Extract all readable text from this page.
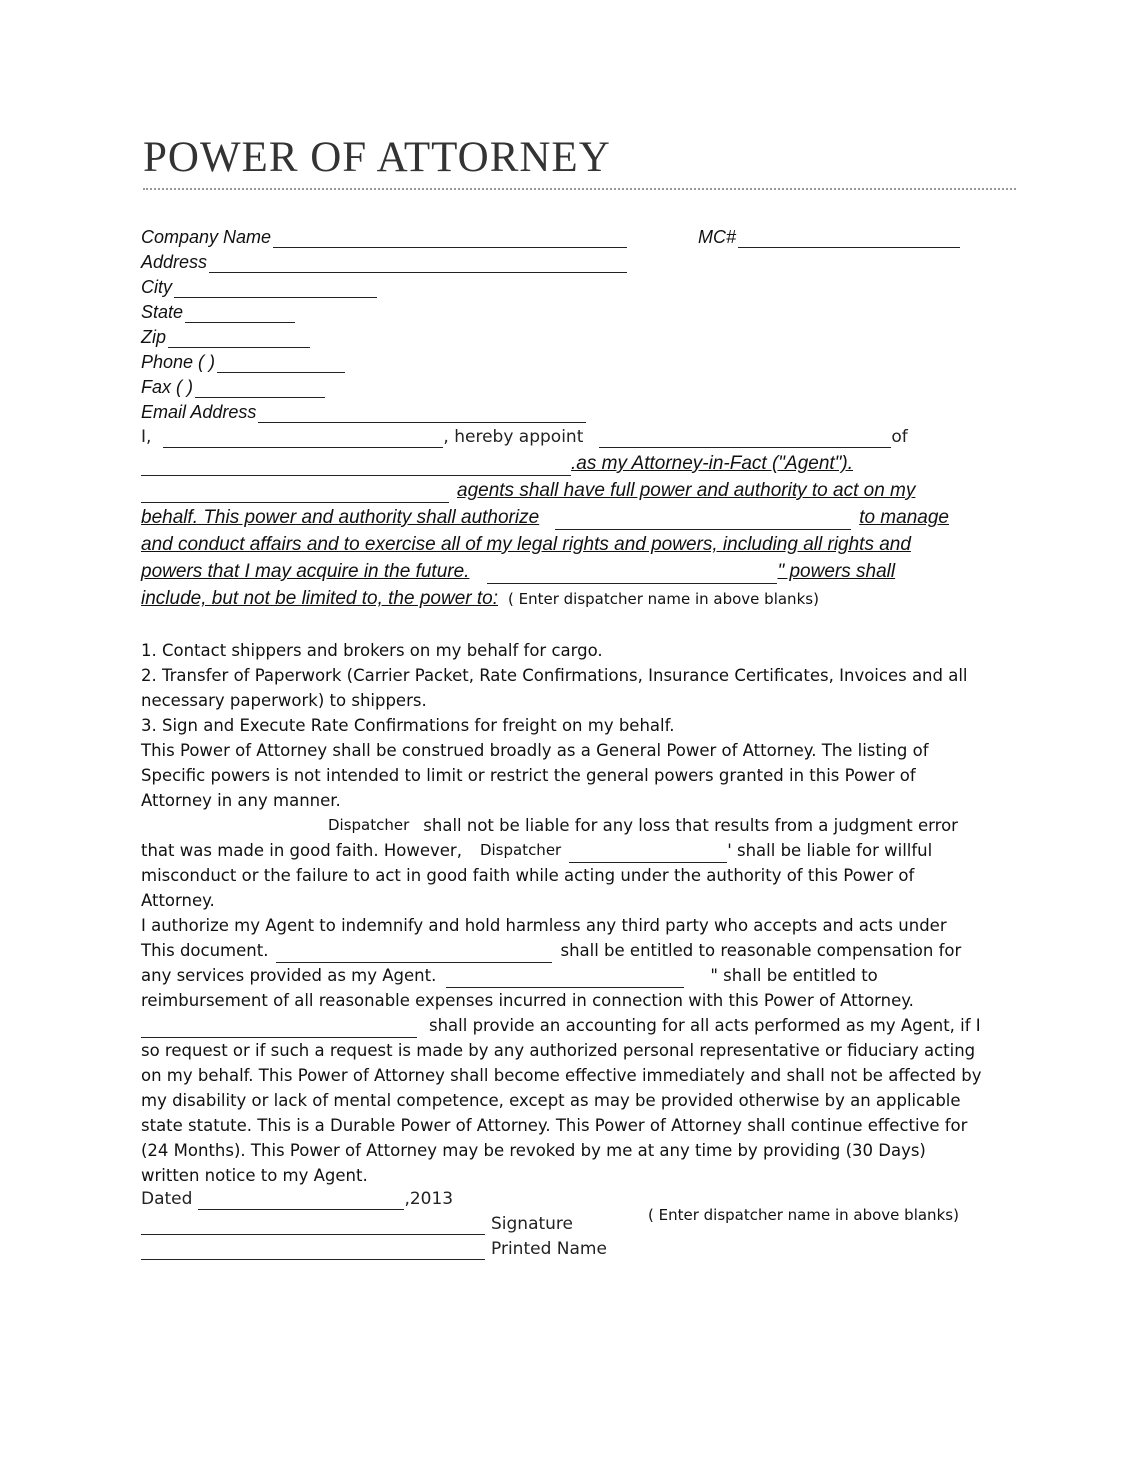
POWER OF ATTORNEY
Company Name	MC#
Address
City
State
Zip
Phone ( )
Fax ( )
Email Address
I,	, hereby appoint	of
.as my Attorney-in-Fact ("Agent").
agents shall have full power and authority to act on my
behalf. This power and authority shall authorize	to manage
and conduct affairs and to exercise all of my legal rights and powers, including all rights and
powers that I may acquire in the future.	" powers shall
include, but not be limited to, the power to: ( Enter dispatcher name in above blanks)
1. Contact shippers and brokers on my behalf for cargo.
2. Transfer of Paperwork (Carrier Packet, Rate Confirmations, Insurance Certificates, Invoices and all
necessary paperwork) to shippers.
3. Sign and Execute Rate Confirmations for freight on my behalf.
This Power of Attorney shall be construed broadly as a General Power of Attorney. The listing of
Specific powers is not intended to limit or restrict the general powers granted in this Power of
Attorney in any manner.
Dispatcher shall not be liable for any loss that results from a judgment error
that was made in good faith. However, Dispatcher	' shall be liable for willful
misconduct or the failure to act in good faith while acting under the authority of this Power of
Attorney.
I authorize my Agent to indemnify and hold harmless any third party who accepts and acts under
This document.	shall be entitled to reasonable compensation for
any services provided as my Agent.	" shall be entitled to
reimbursement of all reasonable expenses incurred in connection with this Power of Attorney.
shall provide an accounting for all acts performed as my Agent, if I
so request or if such a request is made by any authorized personal representative or fiduciary acting
on my behalf. This Power of Attorney shall become effective immediately and shall not be affected by
my disability or lack of mental competence, except as may be provided otherwise by an applicable
state statute. This is a Durable Power of Attorney. This Power of Attorney shall continue effective for
(24 Months). This Power of Attorney may be revoked by me at any time by providing (30 Days)
written notice to my Agent.
Dated	,2013
Signature
Printed Name
( Enter dispatcher name in above blanks)
